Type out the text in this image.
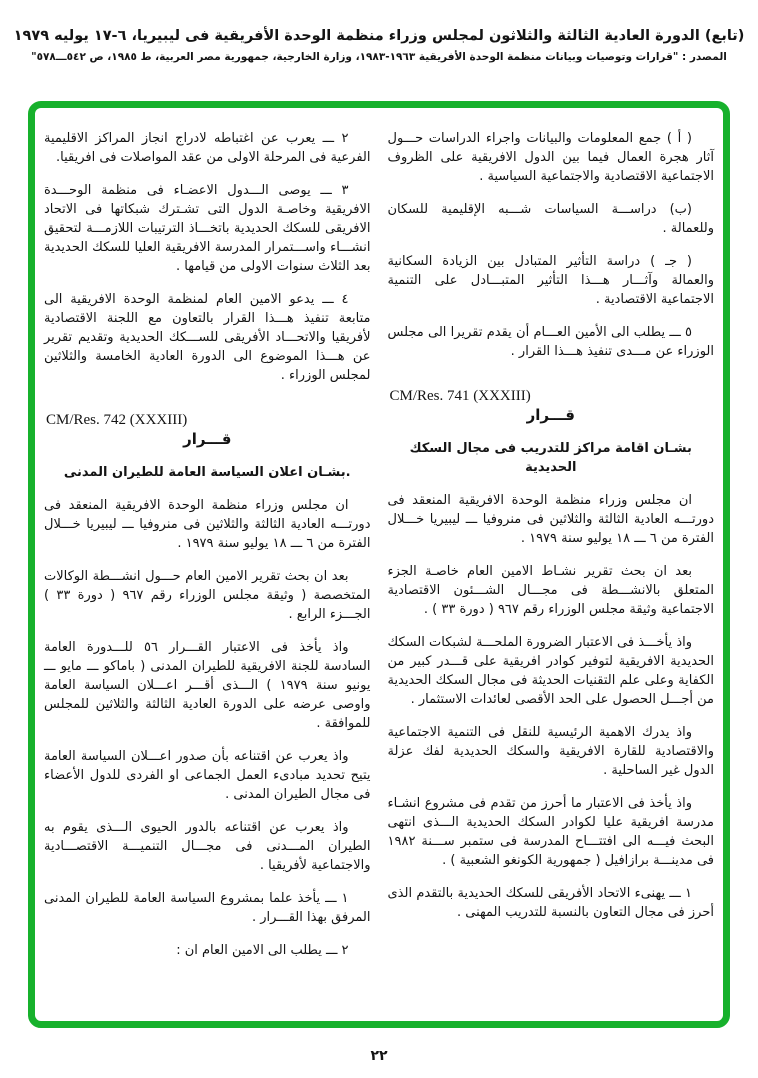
(تابع) الدورة العادية الثالثة والثلاثون لمجلس وزراء منظمة الوحدة الأفريقية فى ليبيريا، ٦-١٧ يوليه ١٩٧٩
المصدر : "قرارات وتوصيات وبيانات منظمة الوحدة الأفريقية ١٩٦٣-١٩٨٣، وزارة الخارجية، جمهورية مصر العربية، ط ١٩٨٥، ص ٥٤٢ـــ٥٧٨"

( أ ) جمع المعلومات والبيانات واجراء الدراسات حـــول آثار هجرة العمال فيما بين الدول الافريقية على الظروف الاجتماعية الاقتصادية والاجتماعية السياسية .

(ب) دراســـة السياسات شـــبه الإقليمية للسكان وللعمالة .

( جـ ) دراسة التأثير المتبادل بين الزيادة السكانية والعمالة وآثـــار هـــذا التأثير المتبـــادل على التنمية الاجتماعية الاقتصادية .

٥ ـــ يطلب الى الأمين العـــام أن يقدم تقريرا الى مجلس الوزراء عن مـــدى تنفيذ هـــذا القرار .

CM/Res. 741 (XXXIII)

قـــرار

بشـان اقامة مراكز للتدريب فى مجال السكك الحديدية

ان مجلس وزراء منظمة الوحدة الافريقية المنعقد فى دورتـــه العادية الثالثة والثلاثين فى منروفيا ـــ ليبيريا خـــلال الفترة من ٦ ـــ ١٨ يوليو سنة ١٩٧٩ .

بعد ان بحث تقرير نشـاط الامين العام خاصـة الجزء المتعلق بالانشـــطة فى مجـــال الشـــئون الاقتصادية الاجتماعية وثيقة مجلس الوزراء رقم ٩٦٧ ( دورة ٣٣ ) .

واذ يأخـــذ فى الاعتبار الضرورة الملحـــة لشبكات السكك الحديدية الافريقية لتوفير كوادر افريقية على قـــدر كبير من الكفاية وعلى علم التقنيات الحديثة فى مجال السكك الحديدية من أجـــل الحصول على الحد الأقصى لعائدات الاستثمار .

واذ يدرك الاهمية الرئيسية للنقل فى التنمية الاجتماعية والاقتصادية للقارة الافريقية والسكك الحديدية لفك عزلة الدول غير الساحلية .

واذ يأخذ فى الاعتبار ما أحرز من تقدم فى مشروع انشـاء مدرسة افريقية عليا لكوادر السكك الحديدية الـــذى انتهى البحث فيـــه الى افتتـــاح المدرسة فى ستمبر ســـنة ١٩٨٢ فى مدينـــة برازافيل ( جمهورية الكونغو الشعبية ) .

١ ـــ يهنىء الاتحاد الأفريقى للسكك الحديدية بالتقدم الذى أحرز فى مجال التعاون بالنسبة للتدريب المهنى .

٢ ـــ يعرب عن اغتباطه لادراج انجاز المراكز الاقليمية الفرعية فى المرحلة الاولى من عقد المواصلات فى افريقيا.

٣ ـــ يوصى الـــدول الاعضـاء فى منظمة الوحـــدة الافريقية وخاصـة الدول التى تشـترك شبكاتها فى الاتحاد الافريقى للسكك الحديدية باتخـــاذ الترتيبات اللازمـــة لتحقيق انشـــاء واســـتمرار المدرسة الافريقية العليا للسكك الحديدية بعد الثلاث سنوات الاولى من قيامها .

٤ ـــ يدعو الامين العام لمنظمة الوحدة الافريقية الى متابعة تنفيذ هـــذا القرار بالتعاون مع اللجنة الاقتصادية لأفريقيا والاتحـــاد الأفريقى للســـكك الحديدية وتقديم تقرير عن هـــذا الموضوع الى الدورة العادية الخامسة والثلاثين لمجلس الوزراء .

CM/Res. 742 (XXXIII)

قـــرار

.بشـان اعلان السياسة العامة للطيران المدنى

ان مجلس وزراء منظمة الوحدة الافريقية المنعقد فى دورتـــه العادية الثالثة والثلاثين فى منروفيا ـــ ليبيريا خـــلال الفترة من ٦ ـــ ١٨ يوليو سنة ١٩٧٩ .

بعد ان بحث تقرير الامين العام حـــول انشـــطة الوكالات المتخصصة ( وثيقة مجلس الوزراء رقم ٩٦٧ ( دورة ٣٣ ) الجـــزء الرابع .

واذ يأخذ فى الاعتبار القـــرار ٥٦ للـــدورة العامة السادسة للجنة الافريقية للطيران المدنى ( باماكو ـــ مايو ـــ يونيو سنة ١٩٧٩ ) الـــذى أقـــر اعـــلان السياسة العامة واوصى عرضه على الدورة العادية الثالثة والثلاثين للمجلس للموافقة .

واذ يعرب عن اقتناعه بأن صدور اعـــلان السياسة العامة يتيح تحديد مبادىء العمل الجماعى او الفردى للدول الأعضاء فى مجال الطيران المدنى .

واذ يعرب عن اقتناعه بالدور الحيوى الـــذى يقوم به الطيران المـــدنى فى مجـــال التنميـــة الاقتصـــادية والاجتماعية لأفريقيا .

١ ـــ يأخذ علما بمشروع السياسة العامة للطيران المدنى المرفق بهذا القـــرار .

٢ ـــ يطلب الى الامين العام ان :

٢٢
